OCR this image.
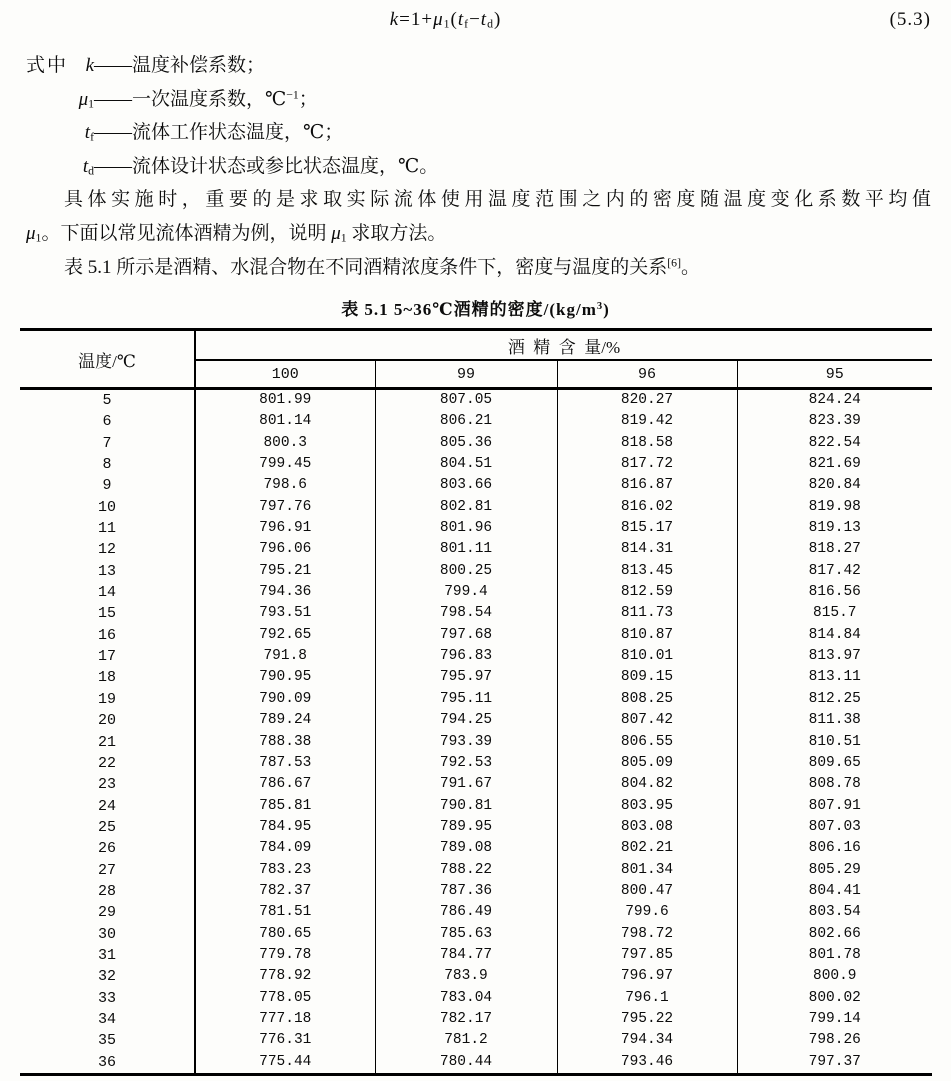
$k=1+\mu_1(t_f-t_d)$	(5.3)
式中 k ——温度补偿系数；
$\mu_1$ ——一次温度系数，℃$^{-1}$；
$t_f$ ——流体工作状态温度，℃；
$t_d$ ——流体设计状态或参比状态温度，℃。
具体实施时，重要的是求取实际流体使用温度范围之内的密度随温度变化系数平均值
$\mu_1$。下面以常见流体酒精为例，说明 $\mu_1$ 求取方法。
表 5.1 所示是酒精、水混合物在不同酒精浓度条件下，密度与温度的关系[6]。
表 5.1 5~36℃酒精的密度$/(kg/m^3)$
温度/℃	酒  精  含  量/%			
	100	99	96	95
5	801.99	807.05	820.27	824.24
6	801.14	806.21	819.42	823.39
7	800.3	805.36	818.58	822.54
8	799.45	804.51	817.72	821.69
9	798.6	803.66	816.87	820.84
10	797.76	802.81	816.02	819.98
11	796.91	801.96	815.17	819.13
12	796.06	801.11	814.31	818.27
13	795.21	800.25	813.45	817.42
14	794.36	799.4	812.59	816.56
15	793.51	798.54	811.73	815.7
16	792.65	797.68	810.87	814.84
17	791.8	796.83	810.01	813.97
18	790.95	795.97	809.15	813.11
19	790.09	795.11	808.25	812.25
20	789.24	794.25	807.42	811.38
21	788.38	793.39	806.55	810.51
22	787.53	792.53	805.09	809.65
23	786.67	791.67	804.82	808.78
24	785.81	790.81	803.95	807.91
25	784.95	789.95	803.08	807.03
26	784.09	789.08	802.21	806.16
27	783.23	788.22	801.34	805.29
28	782.37	787.36	800.47	804.41
29	781.51	786.49	799.6	803.54
30	780.65	785.63	798.72	802.66
31	779.78	784.77	797.85	801.78
32	778.92	783.9	796.97	800.9
33	778.05	783.04	796.1	800.02
34	777.18	782.17	795.22	799.14
35	776.31	781.2	794.34	798.26
36	775.44	780.44	793.46	797.37
